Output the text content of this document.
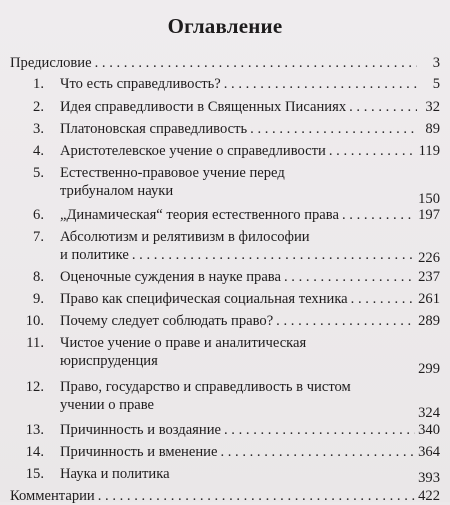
Оглавление
Предисловие . . .	3
1. Что есть справедливость? . . .	5
2. Идея справедливости в Священных Писаниях . . .	32
3. Платоновская справедливость . . .	89
4. Аристотелевское учение о справедливости . . .	119
5. Естественно-правовое учение перед
трибуналом науки	150
6. „Динамическая“ теория естественного права . . .	197
7. Абсолютизм и релятивизм в философии
и политике . . .	226
8. Оценочные суждения в науке права . . .	237
9. Право как специфическая социальная техника . . .	261
10. Почему следует соблюдать право? . . .	289
11. Чистое учение о праве и аналитическая
юриспруденция	299
12. Право, государство и справедливость в чистом
учении о праве	324
13. Причинность и воздаяние . . .	340
14. Причинность и вменение . . .	364
15. Наука и политика	393
Комментарии . . .	422
